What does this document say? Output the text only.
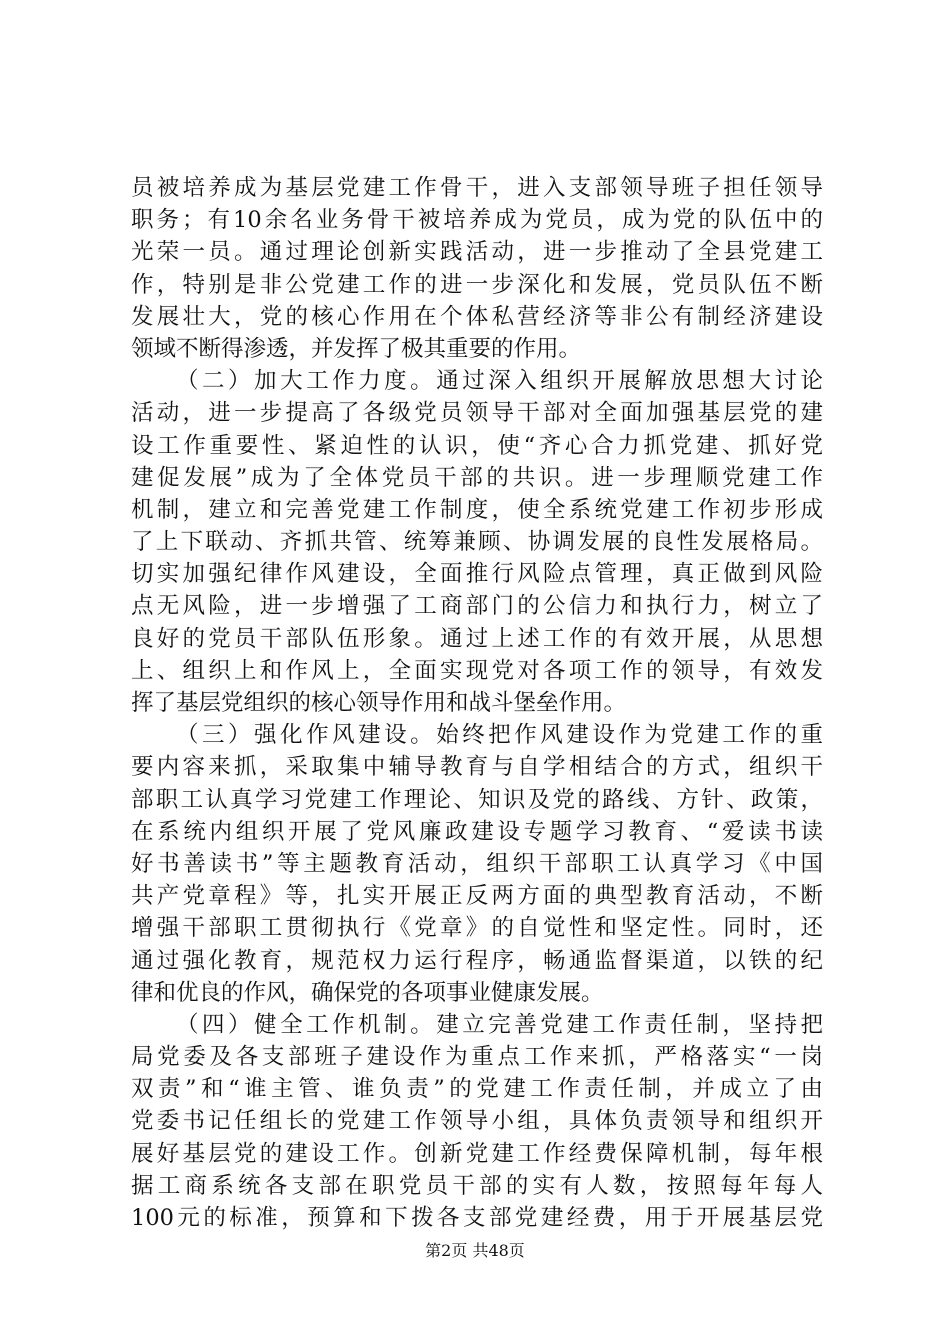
员被培养成为基层党建工作骨干，进入支部领导班子担任领导
职务；有10余名业务骨干被培养成为党员，成为党的队伍中的
光荣一员。通过理论创新实践活动，进一步推动了全县党建工
作，特别是非公党建工作的进一步深化和发展，党员队伍不断
发展壮大，党的核心作用在个体私营经济等非公有制经济建设
领域不断得渗透，并发挥了极其重要的作用。
（二）加大工作力度。通过深入组织开展解放思想大讨论
活动，进一步提高了各级党员领导干部对全面加强基层党的建
设工作重要性、紧迫性的认识，使“齐心合力抓党建、抓好党
建促发展”成为了全体党员干部的共识。进一步理顺党建工作
机制，建立和完善党建工作制度，使全系统党建工作初步形成
了上下联动、齐抓共管、统筹兼顾、协调发展的良性发展格局。
切实加强纪律作风建设，全面推行风险点管理，真正做到风险
点无风险，进一步增强了工商部门的公信力和执行力，树立了
良好的党员干部队伍形象。通过上述工作的有效开展，从思想
上、组织上和作风上，全面实现党对各项工作的领导，有效发
挥了基层党组织的核心领导作用和战斗堡垒作用。
（三）强化作风建设。始终把作风建设作为党建工作的重
要内容来抓，采取集中辅导教育与自学相结合的方式，组织干
部职工认真学习党建工作理论、知识及党的路线、方针、政策，
在系统内组织开展了党风廉政建设专题学习教育、“爱读书读
好书善读书”等主题教育活动，组织干部职工认真学习《中国
共产党章程》等，扎实开展正反两方面的典型教育活动，不断
增强干部职工贯彻执行《党章》的自觉性和坚定性。同时，还
通过强化教育，规范权力运行程序，畅通监督渠道，以铁的纪
律和优良的作风，确保党的各项事业健康发展。
（四）健全工作机制。建立完善党建工作责任制，坚持把
局党委及各支部班子建设作为重点工作来抓，严格落实“一岗
双责”和“谁主管、谁负责”的党建工作责任制，并成立了由
党委书记任组长的党建工作领导小组，具体负责领导和组织开
展好基层党的建设工作。创新党建工作经费保障机制，每年根
据工商系统各支部在职党员干部的实有人数，按照每年每人
100元的标准，预算和下拨各支部党建经费，用于开展基层党
第2页 共48页
